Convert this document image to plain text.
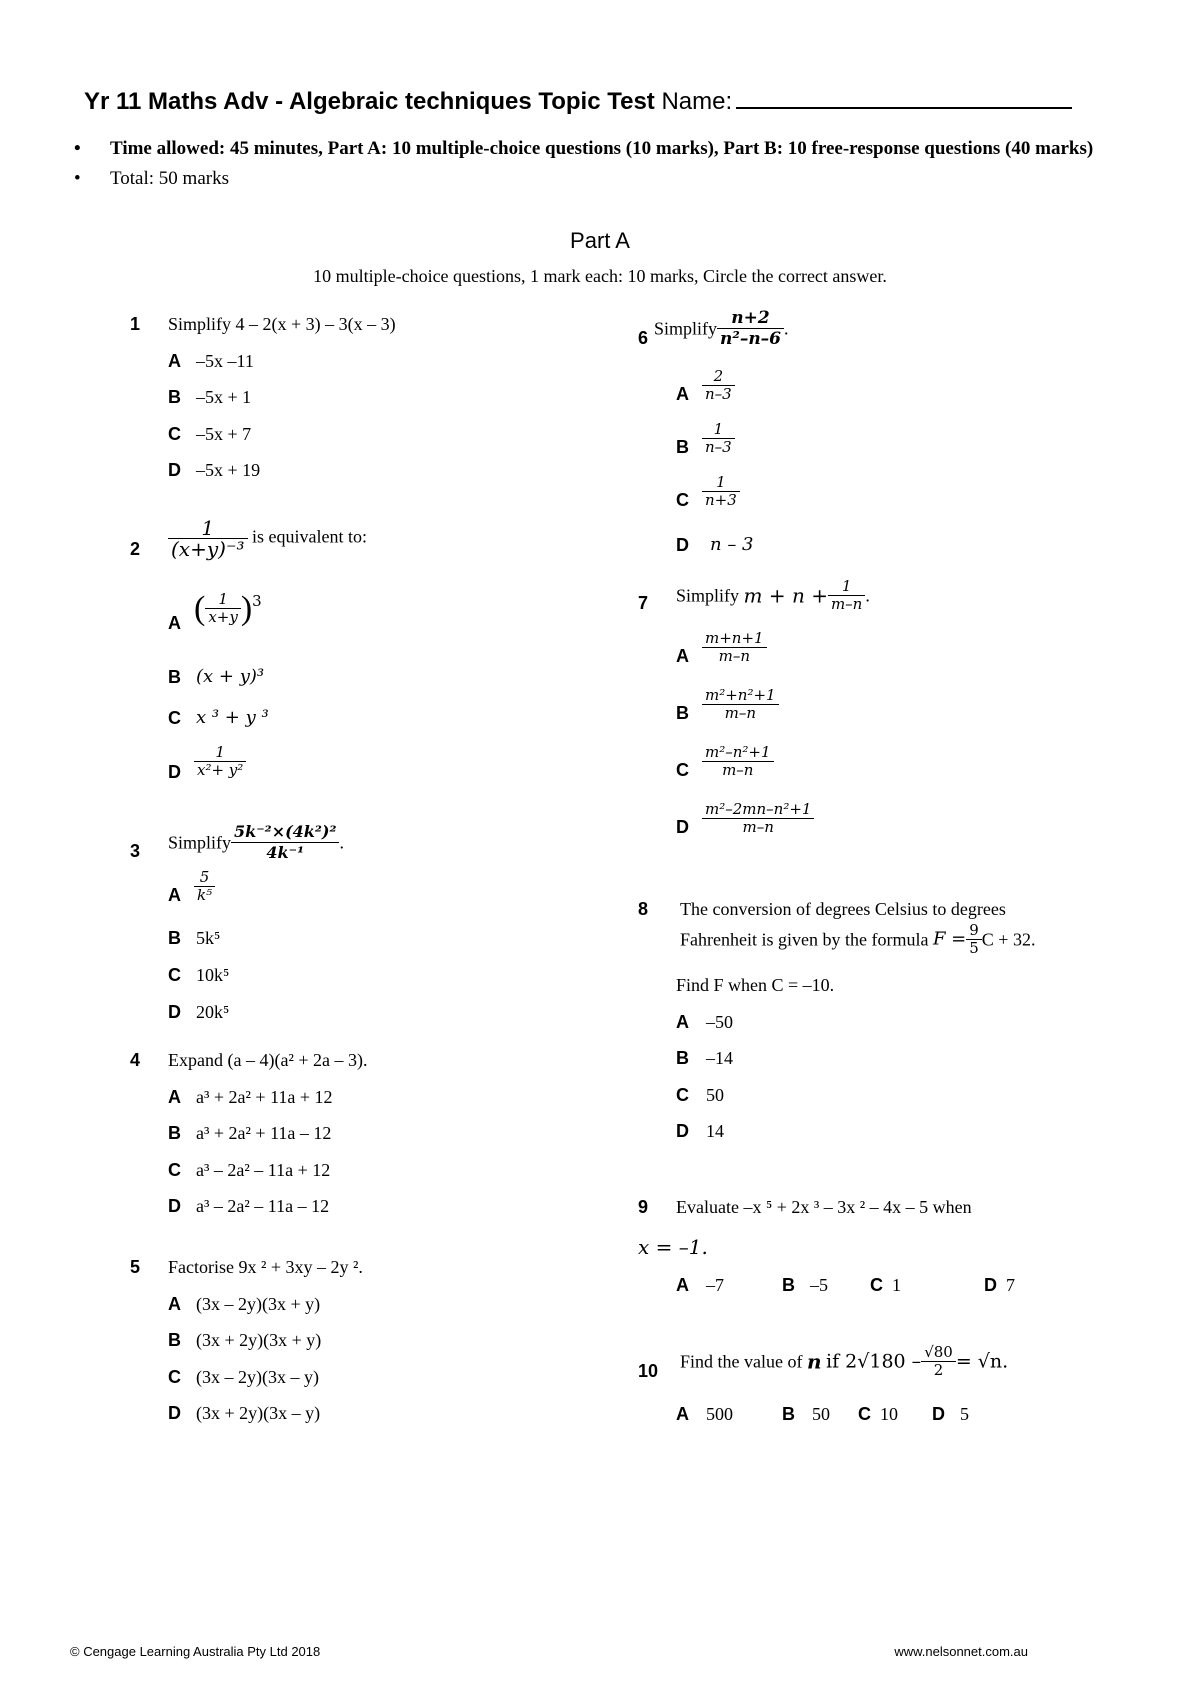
Yr 11 Maths Adv - Algebraic techniques Topic Test Name:
• Time allowed: 45 minutes, Part A: 10 multiple-choice questions (10 marks), Part B: 10 free-response questions (40 marks)
• Total: 50 marks
Part A
10 multiple-choice questions, 1 mark each: 10 marks, Circle the correct answer.
1 Simplify 4 – 2(x + 3) – 3(x – 3)
A –5x –11
B –5x + 1
C –5x + 7
D –5x + 19
$2 \frac{1}{\text{(x+y)⁻³}}$ is equivalent to:
A ( $\frac{1}{x+y} )^3$
B (x + y)³
C x ³ + y ³
D $\frac{1}{\text{x²+ y²}}$
3 Simplify $\frac{\text{5k⁻²×(4k²)²}}{\text{4k⁻¹}}$ .
A $\frac{5}{\text{k⁵}}$
B 5k⁵
C 10k⁵
D 20k⁵
4 Expand (a – 4)(a² + 2a – 3).
A a³ + 2a² + 11a + 12
B a³ + 2a² + 11a – 12
C a³ – 2a² – 11a + 12
D a³ – 2a² – 11a – 12
5 Factorise 9x ² + 3xy – 2y ².
A (3x – 2y)(3x + y)
B (3x + 2y)(3x + y)
C (3x – 2y)(3x – y)
D (3x + 2y)(3x – y)
6 Simplify $\frac{n+2}{\text{n²–n–6}}$ .
A $\frac{2}{n-3}$
B $\frac{1}{n-3}$
C $\frac{1}{n+3}$
D n – 3
7 Simplify $m + n + \frac{1}{m-n}$ .
A $\frac{m+n+1}{m-n}$
B $\frac{\text{m²+n²+1}}{m-n}$
C $\frac{\text{m²–n²+1}}{m-n}$
D $\frac{\text{m²–2mn–n²+1}}{m-n}$
8 The conversion of degrees Celsius to degrees
Fahrenheit is given by the formula $F = \frac{9}{5}$ C + 32.
Find F when C = –10.
A –50
B –14
C 50
D 14
9 Evaluate –x ⁵ + 2x ³ – 3x ² – 4x – 5 when
x = –1.
A –7	B –5 C 1	D 7
10 Find the value of n if $2√180 - \frac{√80}{2} = √n$.
A 500	B 50 C 10 D 5
© Cengage Learning Australia Pty Ltd 2018	www.nelsonnet.com.au
